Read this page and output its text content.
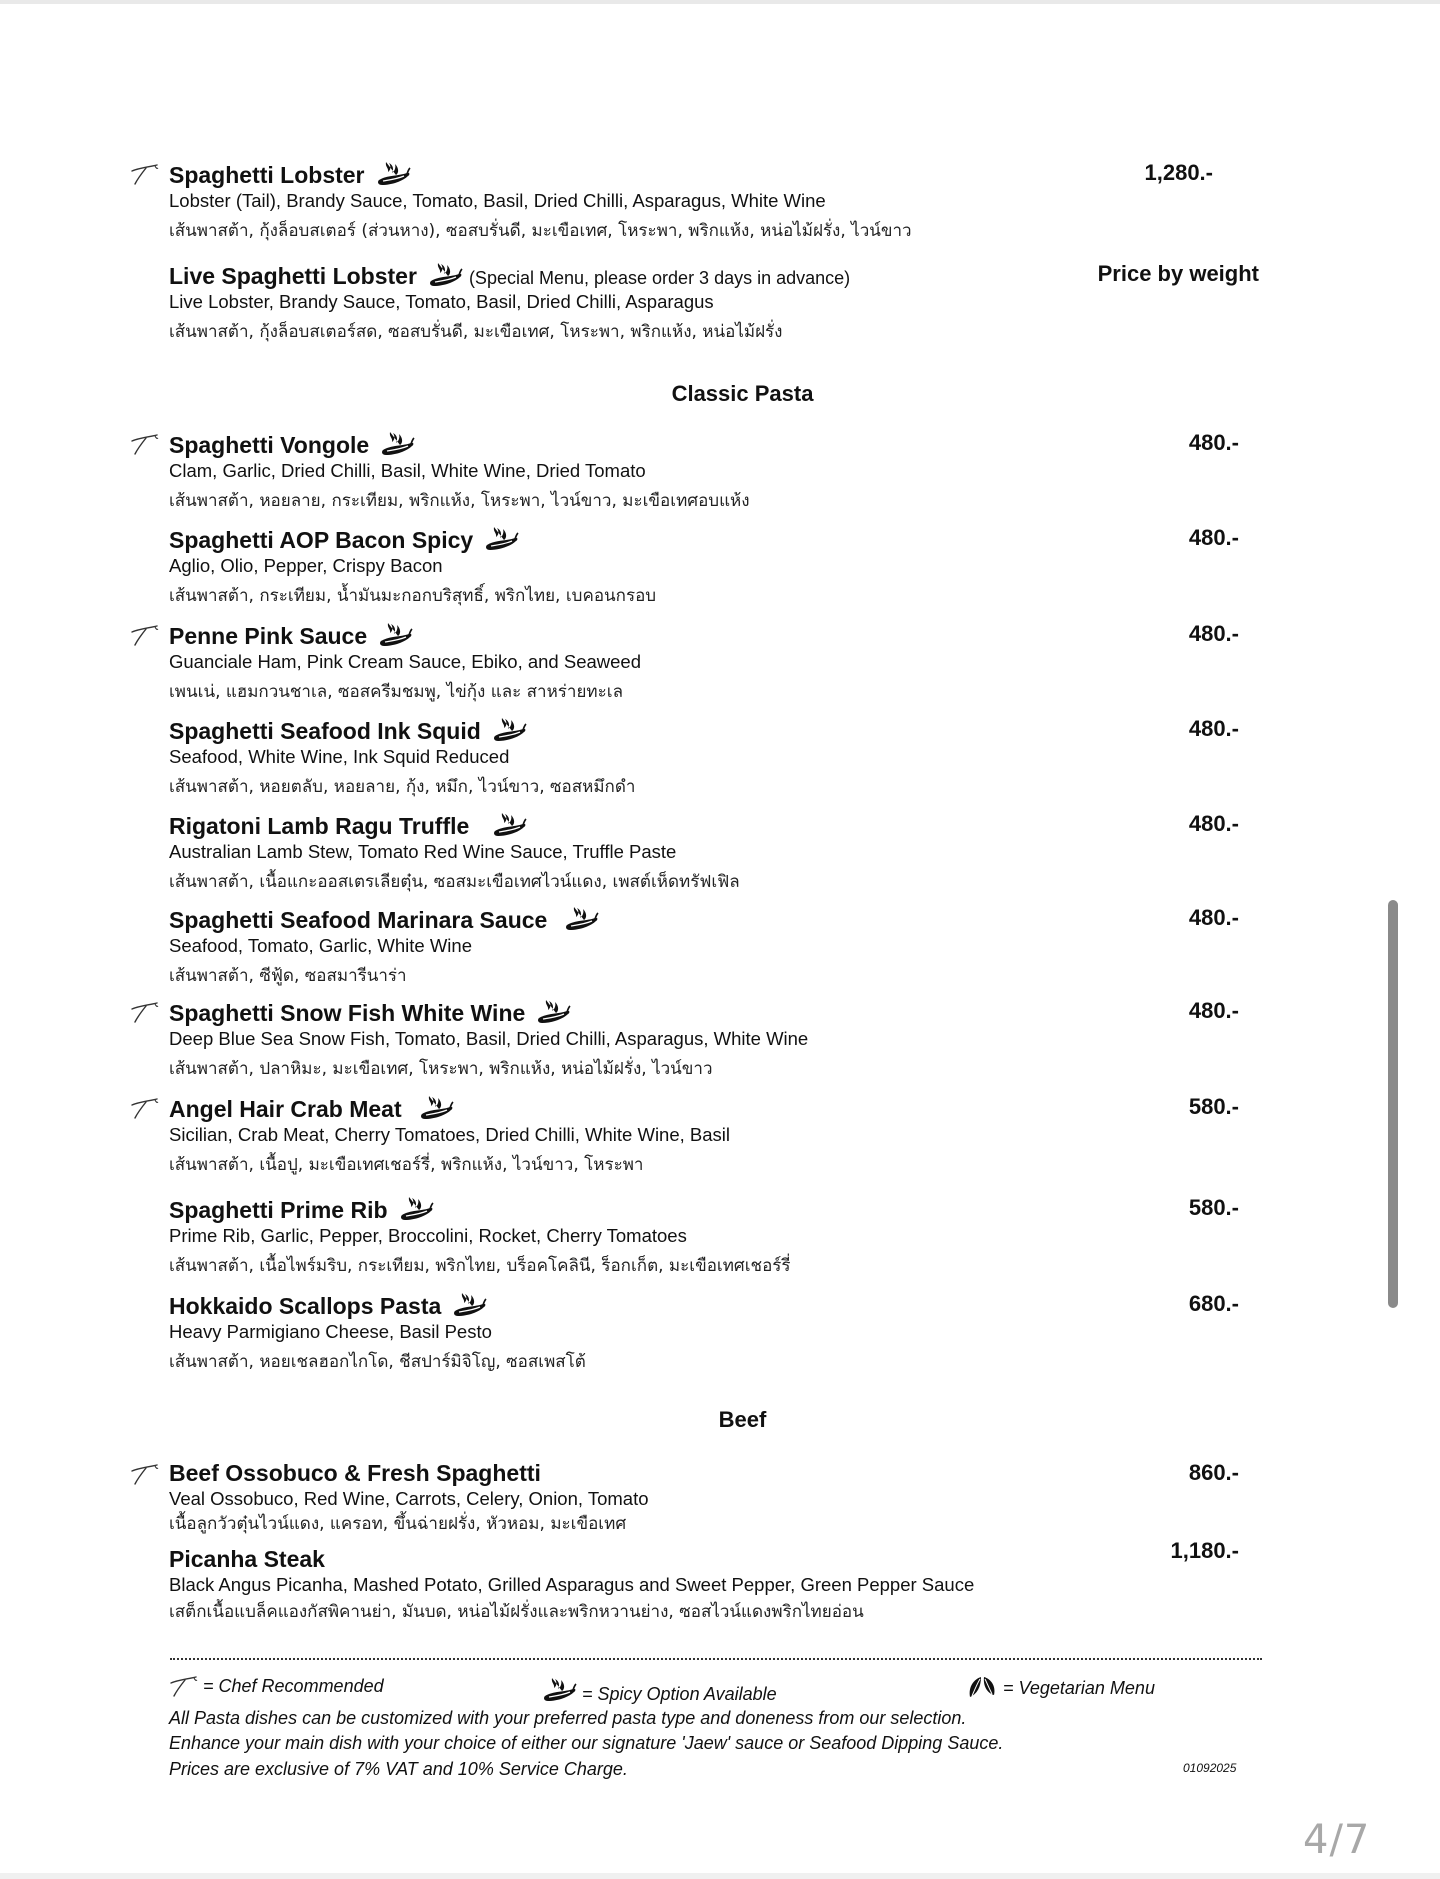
Classic Pasta
Beef
Spaghetti Lobster	1,280.-
Lobster (Tail), Brandy Sauce, Tomato, Basil, Dried Chilli, Asparagus, White Wine
เส้นพาสต้า, กุ้งล็อบสเตอร์ (ส่วนหาง), ซอสบรั่นดี, มะเขือเทศ, โหระพา, พริกแห้ง, หน่อไม้ฝรั่ง, ไวน์ขาว
Live Spaghetti Lobster	(Special Menu, please order 3 days in advance)	Price by weight
Live Lobster, Brandy Sauce, Tomato, Basil, Dried Chilli, Asparagus
เส้นพาสต้า, กุ้งล็อบสเตอร์สด, ซอสบรั่นดี, มะเขือเทศ, โหระพา, พริกแห้ง, หน่อไม้ฝรั่ง
Spaghetti Vongole	480.-
Clam, Garlic, Dried Chilli, Basil, White Wine, Dried Tomato
เส้นพาสต้า, หอยลาย, กระเทียม, พริกแห้ง, โหระพา, ไวน์ขาว, มะเขือเทศอบแห้ง
Spaghetti AOP Bacon Spicy	480.-
Aglio, Olio, Pepper, Crispy Bacon
เส้นพาสต้า, กระเทียม, น้ำมันมะกอกบริสุทธิ์, พริกไทย, เบคอนกรอบ
Penne Pink Sauce	480.-
Guanciale Ham, Pink Cream Sauce, Ebiko, and Seaweed
เพนเน่, แฮมกวนชาเล, ซอสครีมชมพู, ไข่กุ้ง และ สาหร่ายทะเล
Spaghetti Seafood Ink Squid	480.-
Seafood, White Wine, Ink Squid Reduced
เส้นพาสต้า, หอยตลับ, หอยลาย, กุ้ง, หมึก, ไวน์ขาว, ซอสหมึกดำ
Rigatoni Lamb Ragu Truffle	480.-
Australian Lamb Stew, Tomato Red Wine Sauce, Truffle Paste
เส้นพาสต้า, เนื้อแกะออสเตรเลียตุ๋น, ซอสมะเขือเทศไวน์แดง, เพสต์เห็ดทรัฟเฟิล
Spaghetti Seafood Marinara Sauce	480.-
Seafood, Tomato, Garlic, White Wine
เส้นพาสต้า, ซีฟู้ด, ซอสมารีนาร่า
Spaghetti Snow Fish White Wine	480.-
Deep Blue Sea Snow Fish, Tomato, Basil, Dried Chilli, Asparagus, White Wine
เส้นพาสต้า, ปลาหิมะ, มะเขือเทศ, โหระพา, พริกแห้ง, หน่อไม้ฝรั่ง, ไวน์ขาว
Angel Hair Crab Meat	580.-
Sicilian, Crab Meat, Cherry Tomatoes, Dried Chilli, White Wine, Basil
เส้นพาสต้า, เนื้อปู, มะเขือเทศเชอร์รี่, พริกแห้ง, ไวน์ขาว, โหระพา
Spaghetti Prime Rib	580.-
Prime Rib, Garlic, Pepper, Broccolini, Rocket, Cherry Tomatoes
เส้นพาสต้า, เนื้อไพร์มริบ, กระเทียม, พริกไทย, บร็อคโคลินี, ร็อกเก็ต, มะเขือเทศเชอร์รี่
Hokkaido Scallops Pasta	680.-
Heavy Parmigiano Cheese, Basil Pesto
เส้นพาสต้า, หอยเชลฮอกไกโด, ชีสปาร์มิจิโญ, ซอสเพสโต้
Beef Ossobuco & Fresh Spaghetti	860.-
Veal Ossobuco, Red Wine, Carrots, Celery, Onion, Tomato
เนื้อลูกวัวตุ๋นไวน์แดง, แครอท, ขึ้นฉ่ายฝรั่ง, หัวหอม, มะเขือเทศ
Picanha Steak	1,180.-
Black Angus Picanha, Mashed Potato, Grilled Asparagus and Sweet Pepper, Green Pepper Sauce
เสต็กเนื้อแบล็คแองกัสพิคานย่า, มันบด, หน่อไม้ฝรั่งและพริกหวานย่าง, ซอสไวน์แดงพริกไทยอ่อน
= Chef Recommended	= Spicy Option Available	= Vegetarian Menu
All Pasta dishes can be customized with your preferred pasta type and doneness from our selection.
Enhance your main dish with your choice of either our signature 'Jaew' sauce or Seafood Dipping Sauce.
Prices are exclusive of 7% VAT and 10% Service Charge.	01092025
4/7
